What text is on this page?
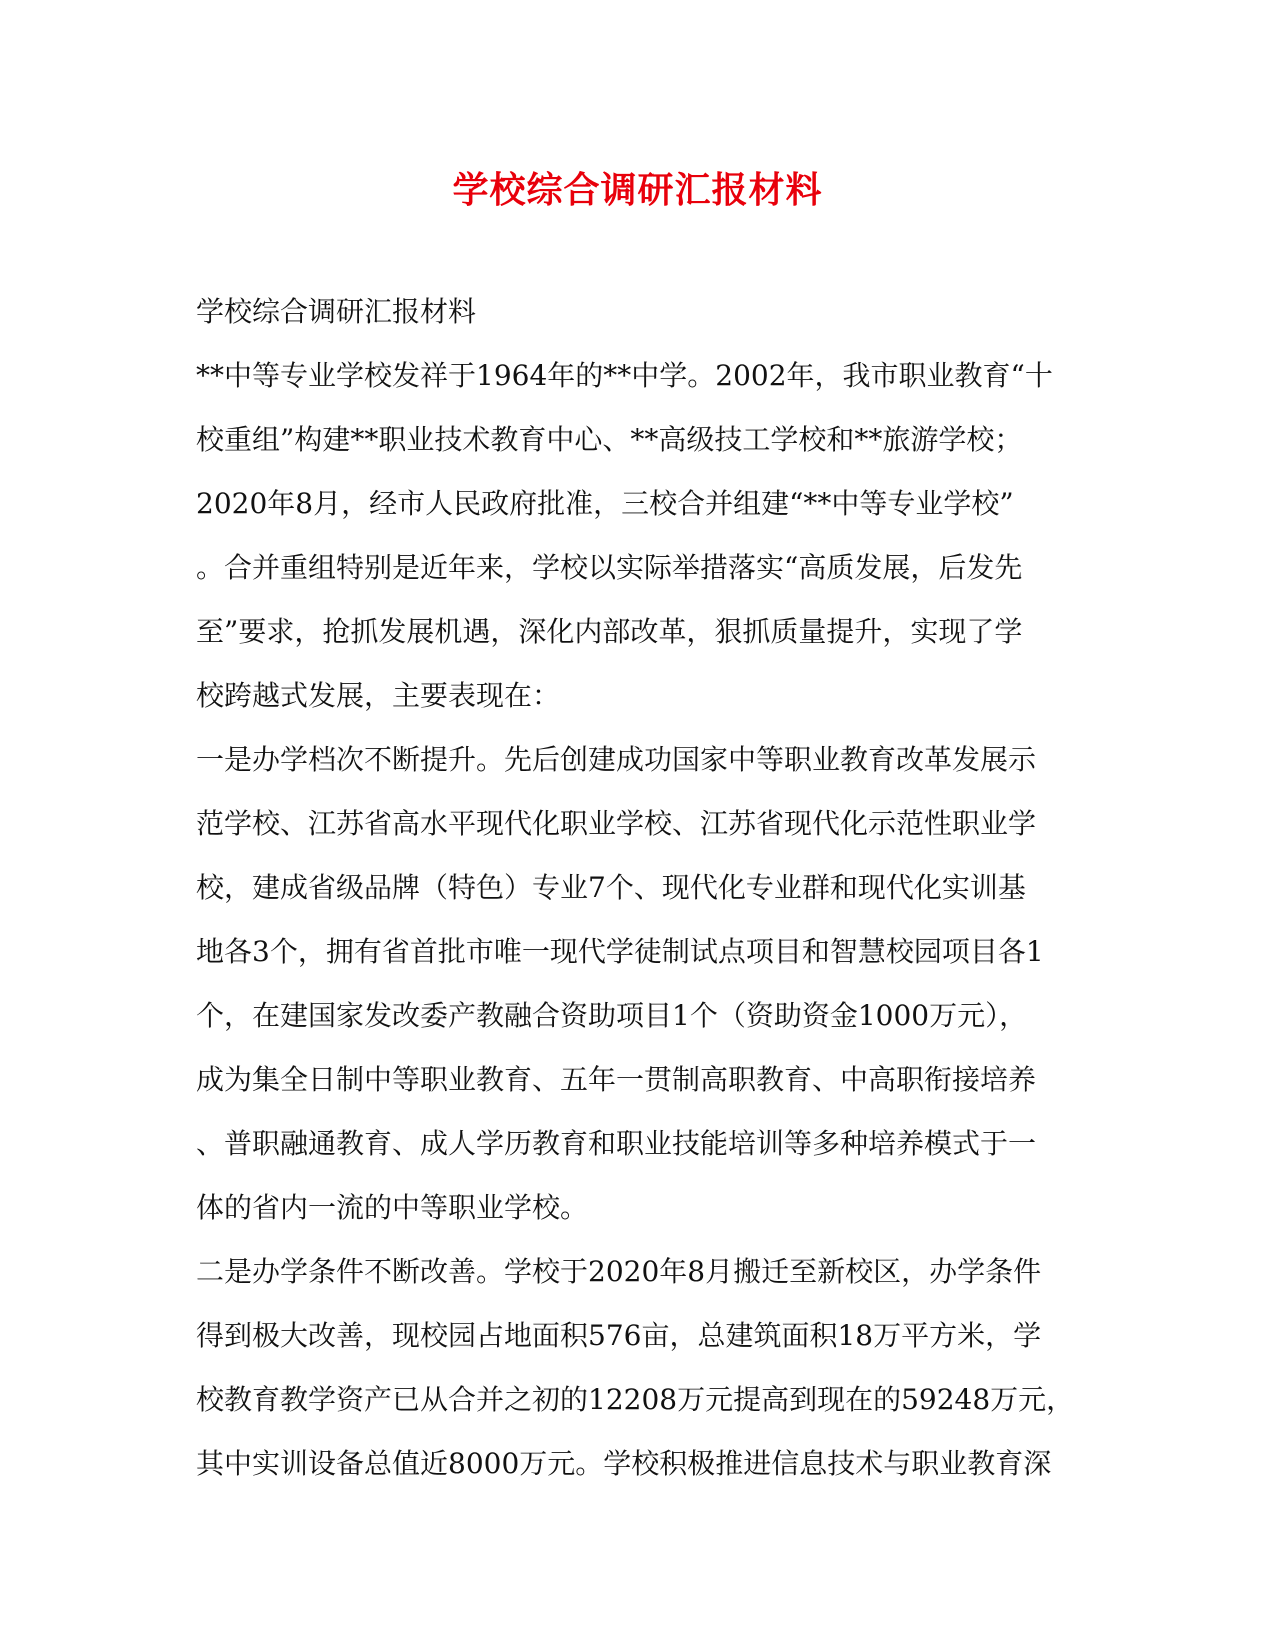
学校综合调研汇报材料
学校综合调研汇报材料
**中等专业学校发祥于1964年的**中学。2002年，我市职业教育“十
校重组”构建**职业技术教育中心、**高级技工学校和**旅游学校；
2020年8月，经市人民政府批准，三校合并组建“**中等专业学校”
。合并重组特别是近年来，学校以实际举措落实“高质发展，后发先
至”要求，抢抓发展机遇，深化内部改革，狠抓质量提升，实现了学
校跨越式发展，主要表现在：
一是办学档次不断提升。先后创建成功国家中等职业教育改革发展示
范学校、江苏省高水平现代化职业学校、江苏省现代化示范性职业学
校，建成省级品牌（特色）专业7个、现代化专业群和现代化实训基
地各3个，拥有省首批市唯一现代学徒制试点项目和智慧校园项目各1
个，在建国家发改委产教融合资助项目1个（资助资金1000万元），
成为集全日制中等职业教育、五年一贯制高职教育、中高职衔接培养
、普职融通教育、成人学历教育和职业技能培训等多种培养模式于一
体的省内一流的中等职业学校。
二是办学条件不断改善。学校于2020年8月搬迁至新校区，办学条件
得到极大改善，现校园占地面积576亩，总建筑面积18万平方米，学
校教育教学资产已从合并之初的12208万元提高到现在的59248万元，
其中实训设备总值近8000万元。学校积极推进信息技术与职业教育深
